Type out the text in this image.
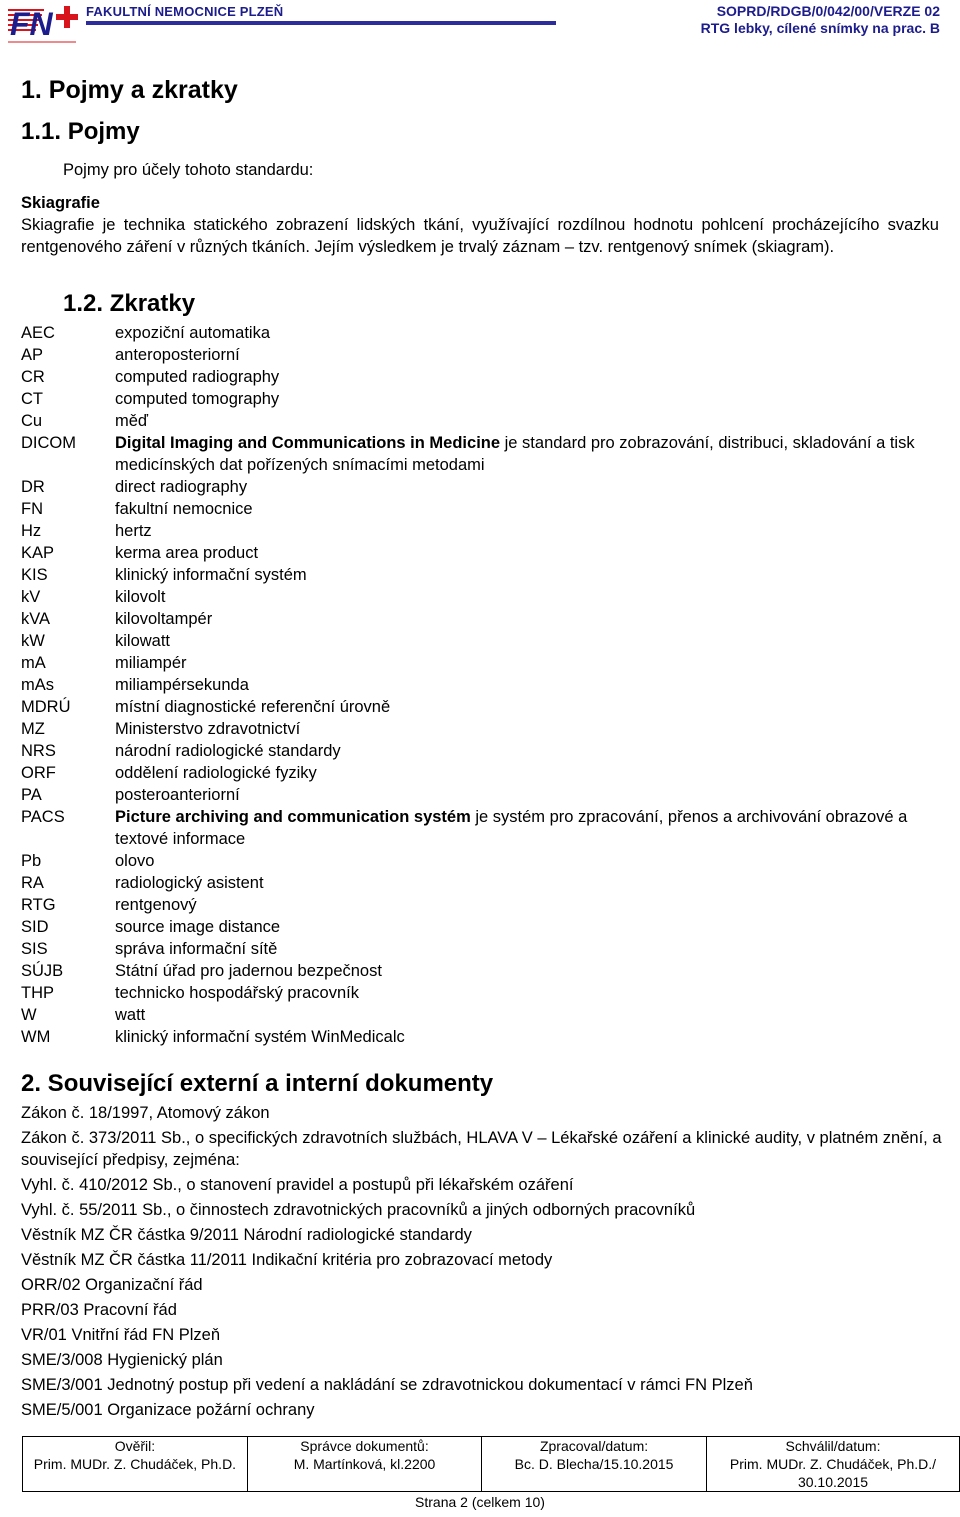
FN	FAKULTNÍ NEMOCNICE PLZEŇ	SOPRD/RDGB/0/042/00/VERZE 02
RTG lebky, cílené snímky na prac. B
1. Pojmy a zkratky
1.1. Pojmy
Pojmy pro účely tohoto standardu:
Skiagrafie
Skiagrafie je technika statického zobrazení lidských tkání, využívající rozdílnou hodnotu pohlcení procházejícího svazku rentgenového záření v různých tkáních. Jejím výsledkem je trvalý záznam – tzv. rentgenový snímek (skiagram).
1.2. Zkratky
AEC	expoziční automatika
AP	anteroposteriorní
CR	computed radiography
CT	computed tomography
Cu	měď
DICOM	Digital Imaging and Communications in Medicine je standard pro zobrazování, distribuci, skladování a tisk medicínských dat pořízených snímacími metodami
DR	direct radiography
FN	fakultní nemocnice
Hz	hertz
KAP	kerma area product
KIS	klinický informační systém
kV	kilovolt
kVA	kilovoltampér
kW	kilowatt
mA	miliampér
mAs	miliampérsekunda
MDRÚ	místní diagnostické referenční úrovně
MZ	Ministerstvo zdravotnictví
NRS	národní radiologické standardy
ORF	oddělení radiologické fyziky
PA	posteroanteriorní
PACS	Picture archiving and communication systém je systém pro zpracování, přenos a archivování obrazové a textové informace
Pb	olovo
RA	radiologický asistent
RTG	rentgenový
SID	source image distance
SIS	správa informační sítě
SÚJB	Státní úřad pro jadernou bezpečnost
THP	technicko hospodářský pracovník
W	watt
WM	klinický informační systém WinMedicalc
2. Související externí a interní dokumenty
Zákon č. 18/1997, Atomový zákon
Zákon č. 373/2011 Sb., o specifických zdravotních službách, HLAVA V – Lékařské ozáření a klinické audity, v platném znění, a související předpisy, zejména:
Vyhl. č. 410/2012 Sb., o stanovení pravidel a postupů při lékařském ozáření
Vyhl. č. 55/2011 Sb., o činnostech zdravotnických pracovníků a jiných odborných pracovníků
Věstník MZ ČR částka 9/2011 Národní radiologické standardy
Věstník MZ ČR částka 11/2011 Indikační kritéria pro zobrazovací metody
ORR/02 Organizační řád
PRR/03 Pracovní řád
VR/01 Vnitřní řád FN Plzeň
SME/3/008 Hygienický plán
SME/3/001 Jednotný postup při vedení a nakládání se zdravotnickou dokumentací v rámci FN Plzeň
SME/5/001 Organizace požární ochrany
Ověřil:
Prim. MUDr. Z. Chudáček, Ph.D.

Správce dokumentů:
M. Martínková, kl.2200

Zpracoval/datum:
Bc. D. Blecha/15.10.2015

Schválil/datum:
Prim. MUDr. Z. Chudáček, Ph.D./ 30.10.2015
Strana 2 (celkem 10)
